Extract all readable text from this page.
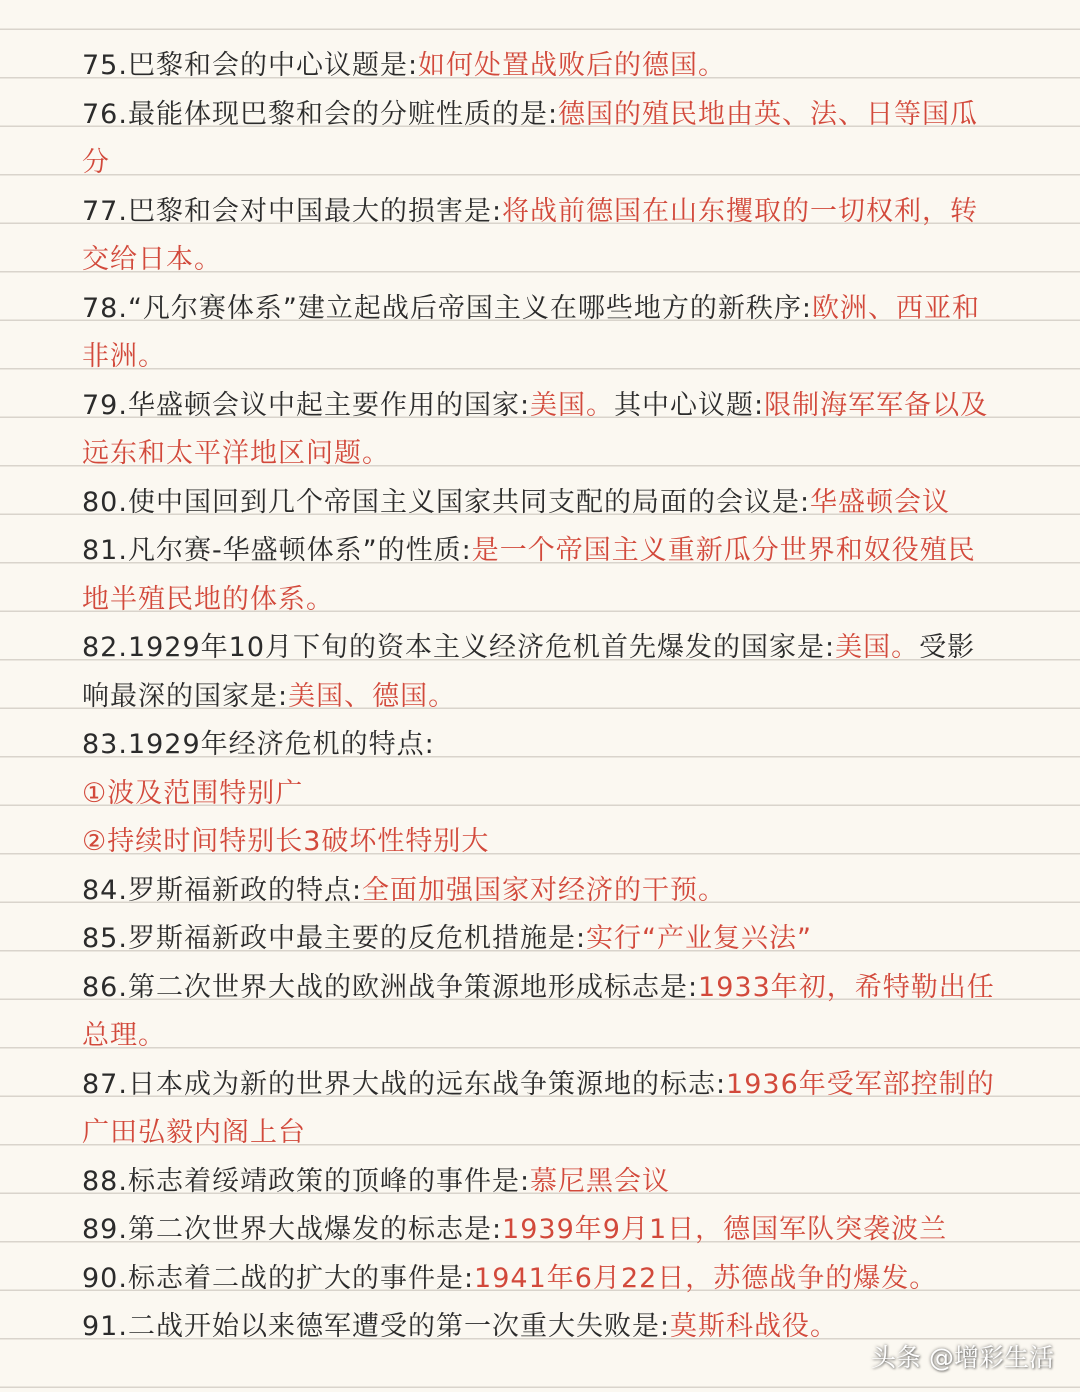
75.巴黎和会的中心议题是:如何处置战败后的德国。

76.最能体现巴黎和会的分赃性质的是:德国的殖民地由英、法、日等国瓜分

77.巴黎和会对中国最大的损害是:将战前德国在山东攫取的一切权利，转交给日本。

78.“凡尔赛体系”建立起战后帝国主义在哪些地方的新秩序:欧洲、西亚和非洲。

79.华盛顿会议中起主要作用的国家:美国。其中心议题:限制海军军备以及远东和太平洋地区问题。

80.使中国回到几个帝国主义国家共同支配的局面的会议是:华盛顿会议

81.凡尔赛-华盛顿体系”的性质:是一个帝国主义重新瓜分世界和奴役殖民地半殖民地的体系。

82.1929年10月下旬的资本主义经济危机首先爆发的国家是:美国。受影响最深的国家是:美国、德国。

83.1929年经济危机的特点:

①波及范围特别广

②持续时间特别长3破坏性特别大

84.罗斯福新政的特点:全面加强国家对经济的干预。

85.罗斯福新政中最主要的反危机措施是:实行“产业复兴法”

86.第二次世界大战的欧洲战争策源地形成标志是:1933年初，希特勒出任总理。

87.日本成为新的世界大战的远东战争策源地的标志:1936年受军部控制的广田弘毅内阁上台

88.标志着绥靖政策的顶峰的事件是:慕尼黑会议

89.第二次世界大战爆发的标志是:1939年9月1日，德国军队突袭波兰

90.标志着二战的扩大的事件是:1941年6月22日，苏德战争的爆发。

91.二战开始以来德军遭受的第一次重大失败是:莫斯科战役。

头条 @增彩生活
